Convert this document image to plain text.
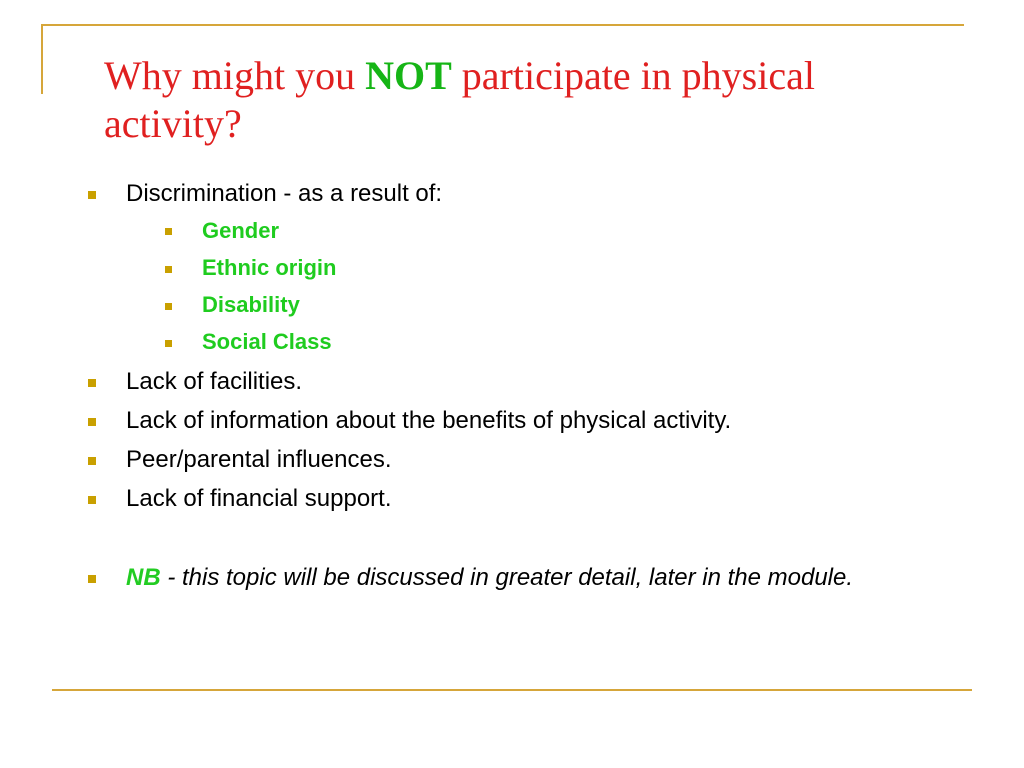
Why might you NOT participate in physical activity?
Discrimination - as a result of:
Gender
Ethnic origin
Disability
Social Class
Lack of facilities.
Lack of information about the benefits of physical activity.
Peer/parental influences.
Lack of financial support.
NB - this topic will be discussed in greater detail, later in the module.
